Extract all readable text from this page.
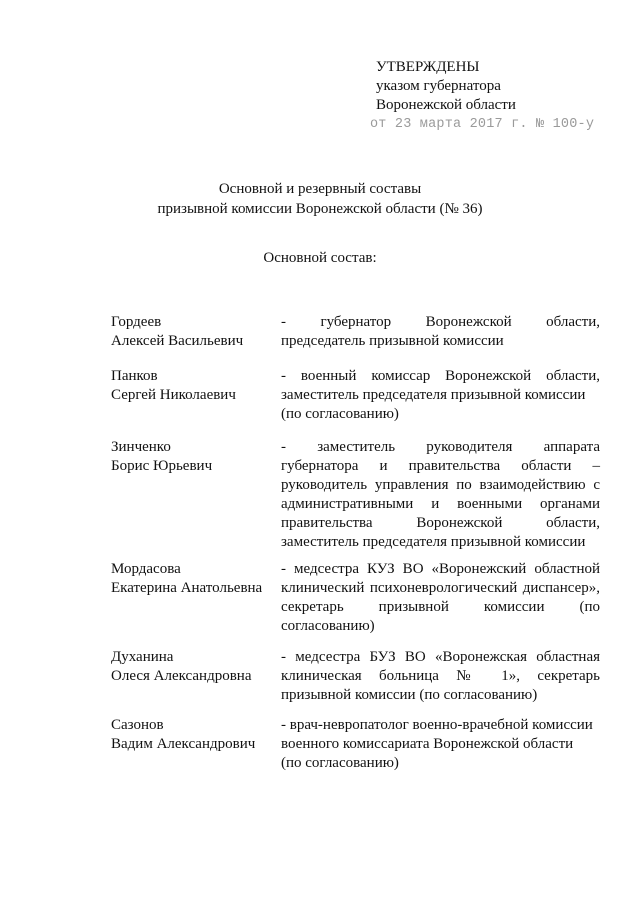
УТВЕРЖДЕНЫ
указом губернатора
Воронежской области
от 23 марта 2017 г. № 100-у
Основной и резервный составы
призывной комиссии Воронежской области (№ 36)
Основной состав:
Гордеев
Алексей Васильевич
- губернатор Воронежской области,
председатель призывной комиссии
Панков
Сергей Николаевич
- военный комиссар Воронежской области,
заместитель председателя призывной комиссии
(по согласованию)
Зинченко
Борис Юрьевич
- заместитель руководителя аппарата
губернатора и правительства области –
руководитель управления по взаимодействию с
административными и военными органами
правительства Воронежской области,
заместитель председателя призывной комиссии
Мордасова
Екатерина Анатольевна
- медсестра КУЗ ВО «Воронежский областной
клинический психоневрологический диспансер»,
секретарь призывной комиссии (по
согласованию)
Духанина
Олеся Александровна
- медсестра БУЗ ВО «Воронежская областная
клиническая больница № 1», секретарь
призывной комиссии (по согласованию)
Сазонов
Вадим Александрович
- врач-невропатолог военно-врачебной комиссии
военного комиссариата Воронежской области
(по согласованию)
